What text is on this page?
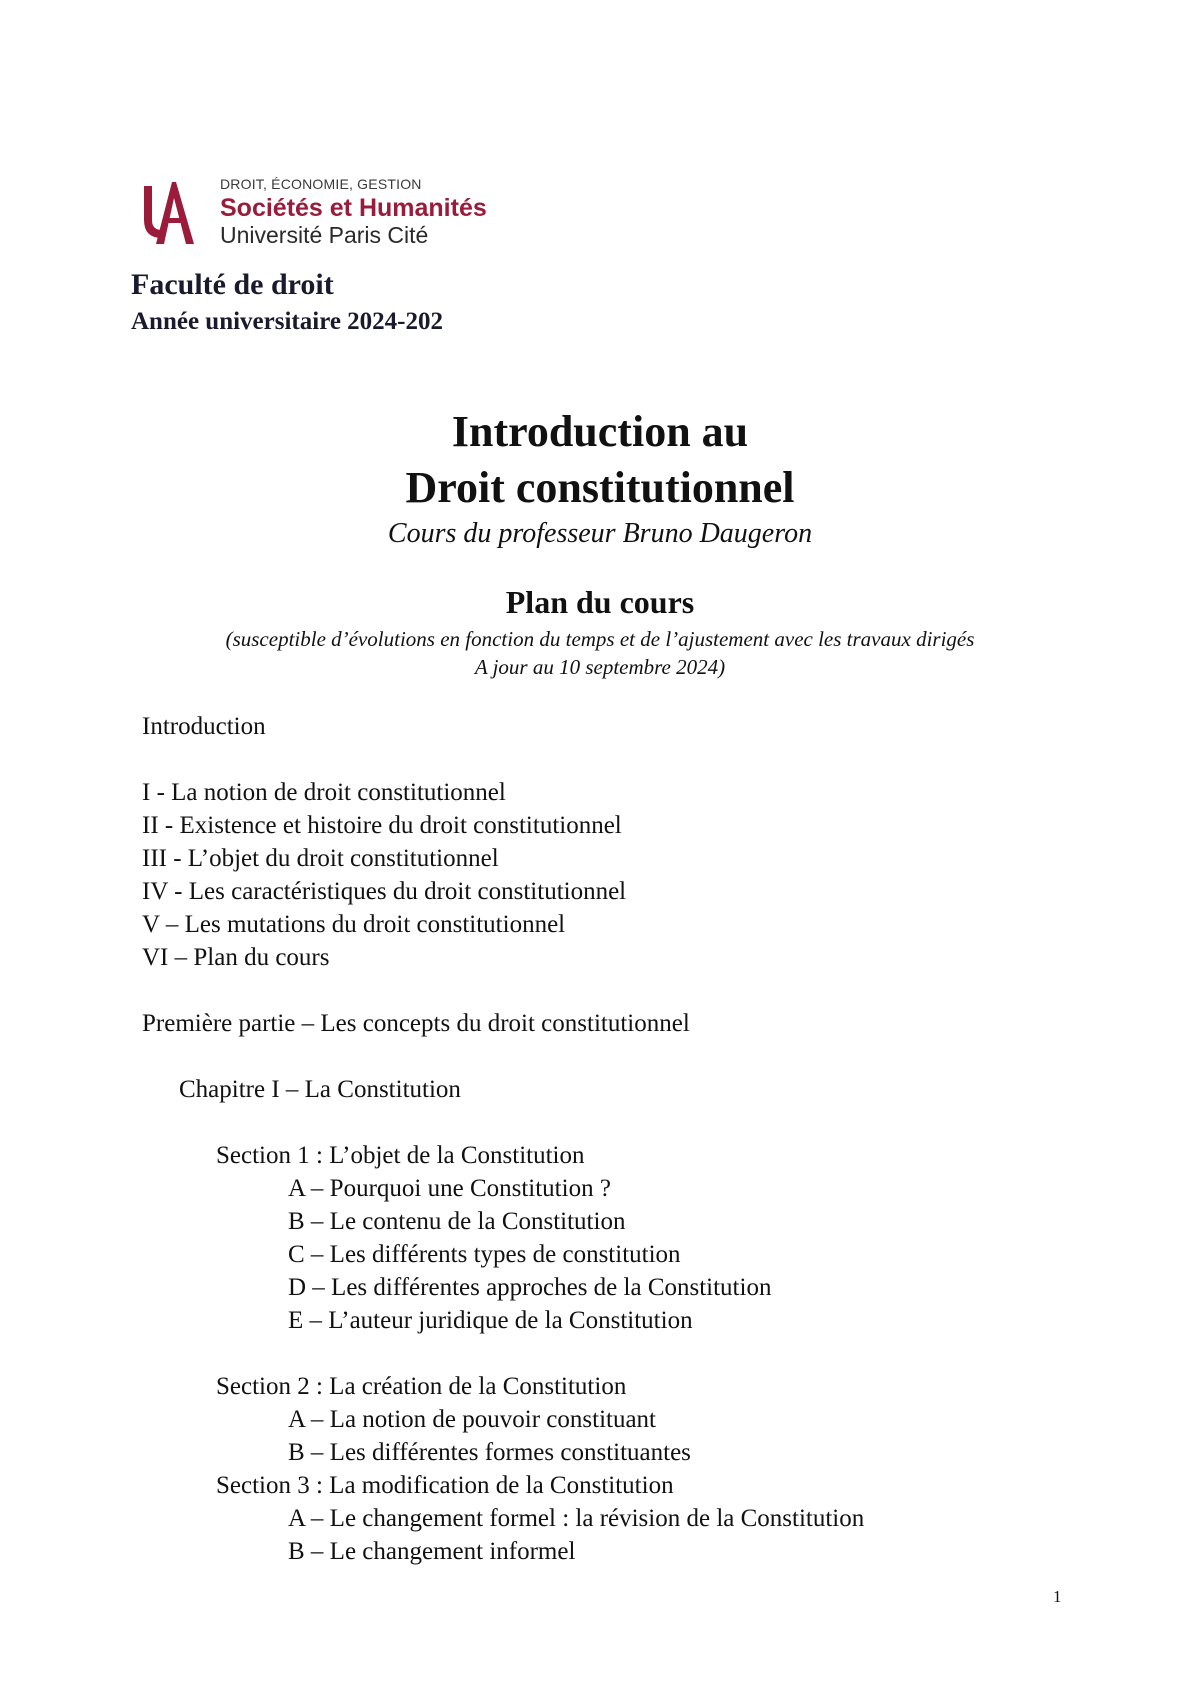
DROIT, ÉCONOMIE, GESTION
Sociétés et Humanités
Université Paris Cité
Faculté de droit
Année universitaire 2024-202
Introduction au
Droit constitutionnel
Cours du professeur Bruno Daugeron
Plan du cours
(susceptible d’évolutions en fonction du temps et de l’ajustement avec les travaux dirigés
A jour au 10 septembre 2024)
Introduction
I - La notion de droit constitutionnel
II - Existence et histoire du droit constitutionnel
III - L’objet du droit constitutionnel
IV - Les caractéristiques du droit constitutionnel
V – Les mutations du droit constitutionnel
VI – Plan du cours
Première partie – Les concepts du droit constitutionnel
Chapitre I – La Constitution
Section 1 : L’objet de la Constitution
A – Pourquoi une Constitution ?
B – Le contenu de la Constitution
C – Les différents types de constitution
D – Les différentes approches de la Constitution
E – L’auteur juridique de la Constitution
Section 2 : La création de la Constitution
A – La notion de pouvoir constituant
B – Les différentes formes constituantes
Section 3 : La modification de la Constitution
A – Le changement formel : la révision de la Constitution
B – Le changement informel
1
